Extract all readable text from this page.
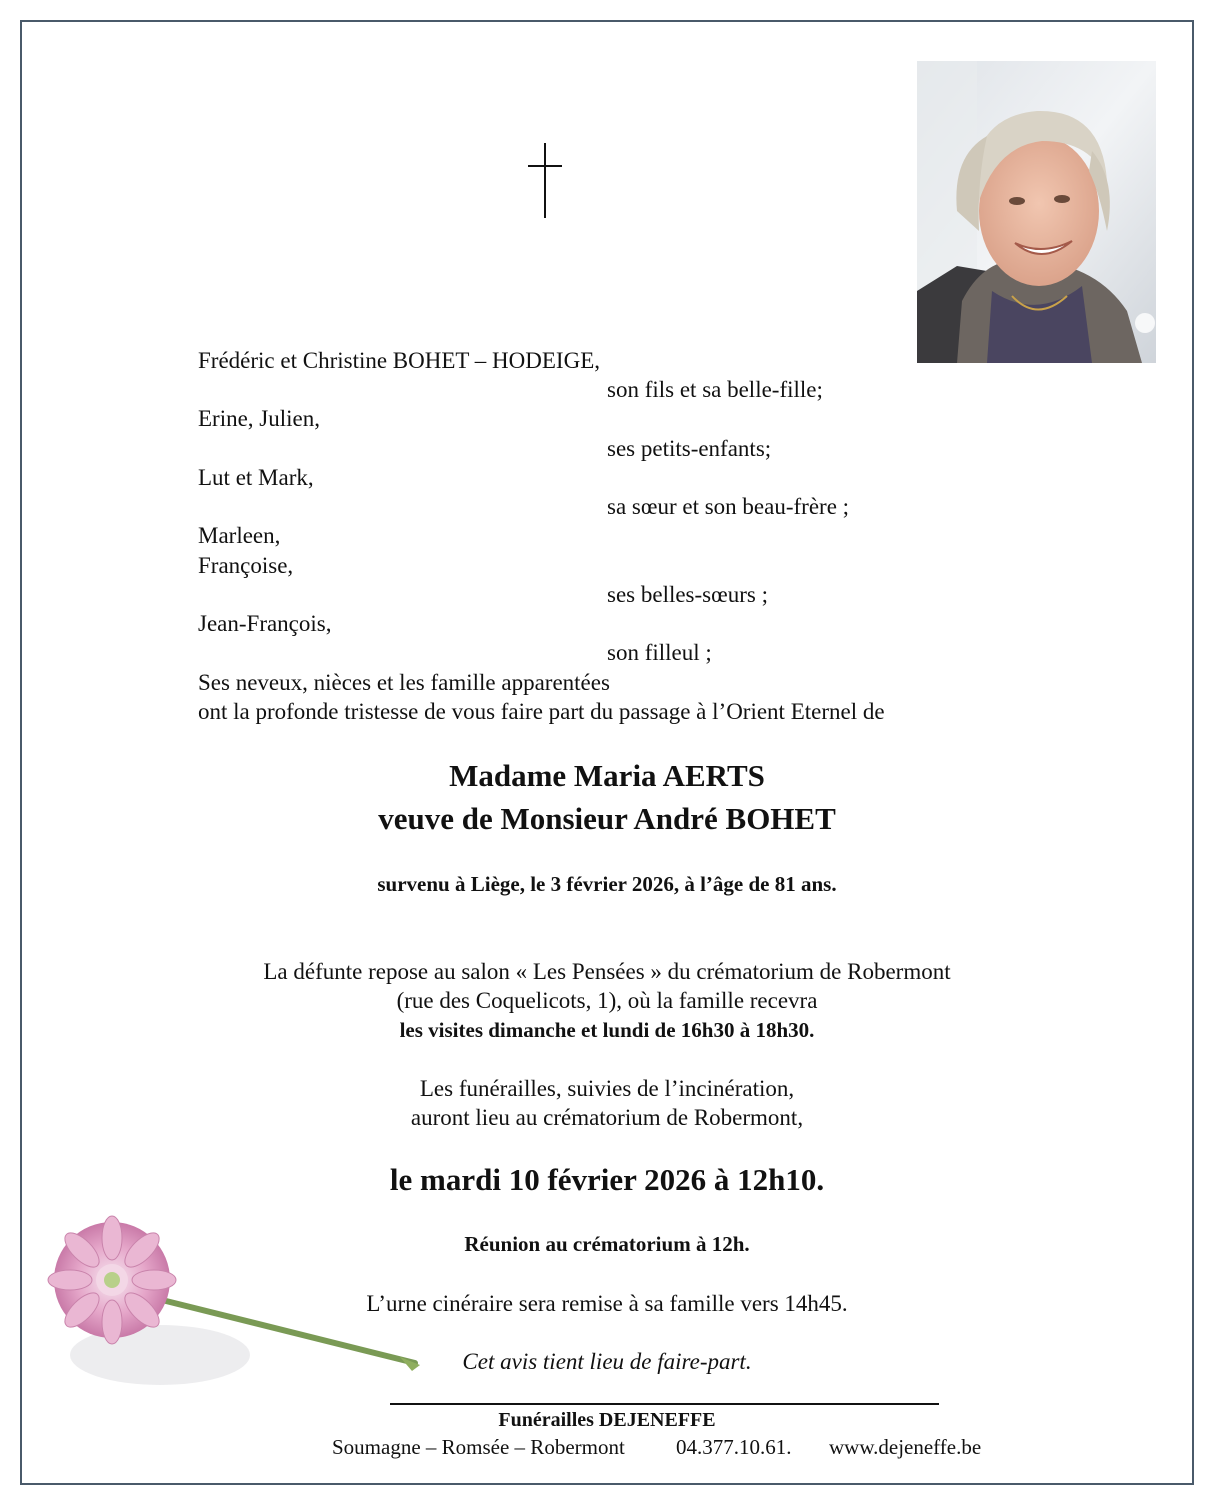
Frédéric et Christine BOHET – HODEIGE,
son fils et sa belle-fille;
Erine, Julien,
ses petits-enfants;
Lut et Mark,
sa sœur et son beau-frère ;
Marleen,
Françoise,
ses belles-sœurs ;
Jean-François,
son filleul ;
Ses neveux, nièces et les famille apparentées
ont la profonde tristesse de vous faire part du passage à l’Orient Eternel de
Madame Maria AERTS
veuve de Monsieur André BOHET
survenu à Liège, le 3 février 2026, à l’âge de 81 ans.
La défunte repose au salon « Les Pensées » du crématorium de Robermont
(rue des Coquelicots, 1), où la famille recevra
les visites dimanche et lundi de 16h30 à 18h30.
Les funérailles, suivies de l’incinération,
auront lieu au crématorium de Robermont,
le mardi 10 février 2026 à 12h10.
Réunion au crématorium à 12h.
L’urne cinéraire sera remise à sa famille vers 14h45.
Cet avis tient lieu de faire-part.
Funérailles DEJENEFFE
Soumagne – Romsée – Robermont 04.377.10.61. www.dejeneffe.be
